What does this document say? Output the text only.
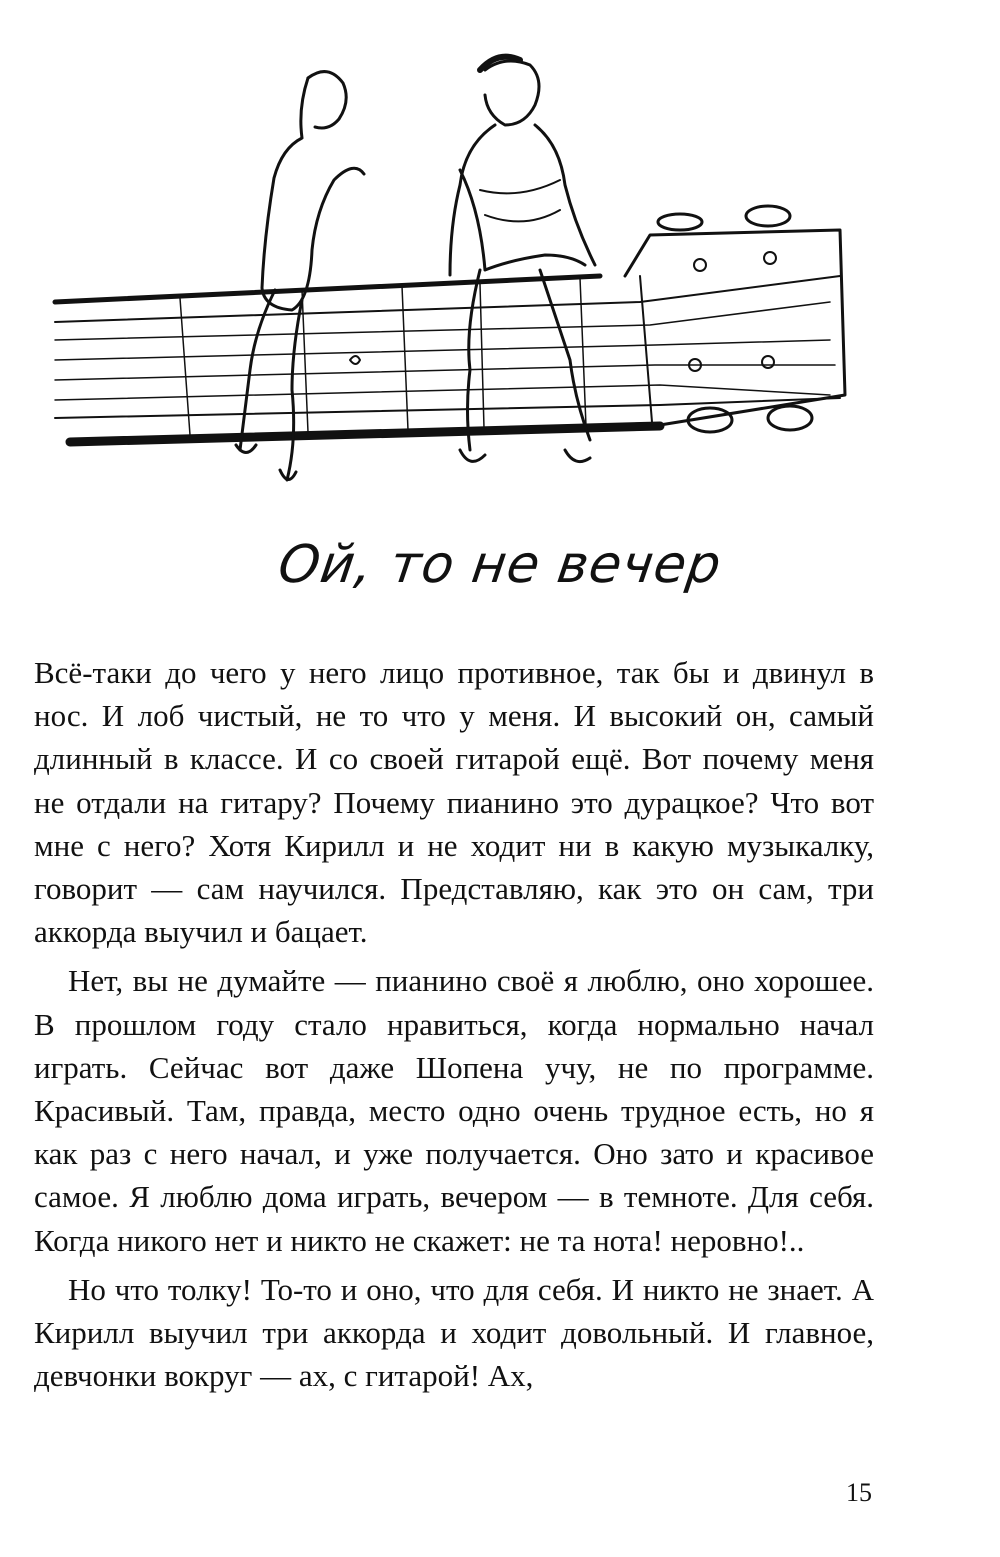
Ой, то не вечер

Всё-таки до чего у него лицо противное, так бы и двинул в нос. И лоб чистый, не то что у меня. И высокий он, самый длинный в классе. И со своей гитарой ещё. Вот почему меня не отдали на гитару? Почему пианино это дурацкое? Что вот мне с него? Хотя Кирилл и не ходит ни в какую музыкалку, говорит — сам научился. Представляю, как это он сам, три аккорда выучил и бацает.

Нет, вы не думайте — пианино своё я люблю, оно хорошее. В прошлом году стало нравиться, когда нормально начал играть. Сейчас вот даже Шопена учу, не по программе. Красивый. Там, правда, место одно очень трудное есть, но я как раз с него начал, и уже получается. Оно зато и красивое самое. Я люблю дома играть, вечером — в темноте. Для себя. Когда никого нет и никто не скажет: не та нота! неровно!..

Но что толку! То-то и оно, что для себя. И никто не знает. А Кирилл выучил три аккорда и ходит довольный. И главное, девчонки вокруг — ах, с гитарой! Ах,

15
